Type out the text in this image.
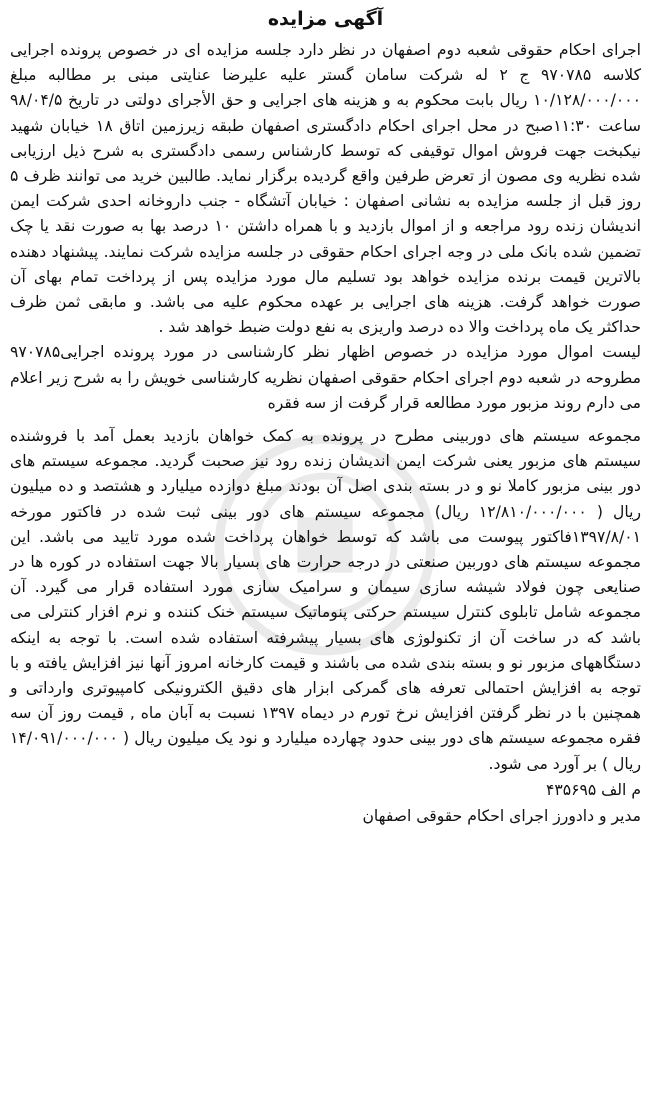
آگهی مزایده

اجرای احکام حقوقی شعبه دوم اصفهان در نظر دارد جلسه مزایده ای در خصوص پرونده اجرایی کلاسه ۹۷۰۷۸۵ ج ۲ له شرکت سامان گستر علیه علیرضا عنایتی مبنی بر مطالبه مبلغ ۱۰/۱۲۸/۰۰۰/۰۰۰ ریال بابت محکوم به و هزینه های اجرایی و حق الأجرای دولتی در تاریخ ۹۸/۰۴/۵ ساعت ۱۱:۳۰صبح در محل اجرای احکام دادگستری اصفهان طبقه زیرزمین اتاق ۱۸ خیابان شهید نیکبخت جهت فروش اموال توقیفی که توسط کارشناس رسمی دادگستری به شرح ذیل ارزیابی شده نظریه وی مصون از تعرض طرفین واقع گردیده برگزار نماید. طالبین خرید می توانند ظرف ۵ روز قبل از جلسه مزایده به نشانی اصفهان : خیابان آتشگاه - جنب داروخانه احدی شرکت ایمن اندیشان زنده رود مراجعه و از اموال بازدید و با همراه داشتن ۱۰ درصد بها به صورت نقد یا چک تضمین شده بانک ملی در وجه اجرای احکام حقوقی در جلسه مزایده شرکت نمایند. پیشنهاد دهنده بالاترین قیمت برنده مزایده خواهد بود تسلیم مال مورد مزایده پس از پرداخت تمام بهای آن صورت خواهد گرفت. هزینه های اجرایی بر عهده محکوم علیه می باشد. و مابقی ثمن ظرف حداکثر یک ماه پرداخت والا ده درصد واریزی به نفع دولت ضبط خواهد شد .

لیست اموال مورد مزایده در خصوص اظهار نظر کارشناسی در مورد پرونده اجرایی۹۷۰۷۸۵ مطروحه در شعبه دوم اجرای احکام حقوقی اصفهان نظریه کارشناسی خویش را به شرح زیر اعلام می دارم روند مزبور مورد مطالعه قرار گرفت از سه فقره

مجموعه سیستم های دوربینی مطرح در پرونده به کمک خواهان بازدید بعمل آمد با فروشنده سیستم های مزبور یعنی شرکت ایمن اندیشان زنده رود نیز صحبت گردید. مجموعه سیستم های دور بینی مزبور کاملا نو و در بسته بندی اصل آن بودند مبلغ دوازده میلیارد و هشتصد و ده میلیون ریال ( ۱۲/۸۱۰/۰۰۰/۰۰۰ ریال) مجموعه سیستم های دور بینی ثبت شده در فاکتور مورخه ۱۳۹۷/۸/۰۱فاکتور پیوست می باشد که توسط خواهان پرداخت شده مورد تایید می باشد. این مجموعه سیستم های دوربین صنعتی در درجه حرارت های بسیار بالا جهت استفاده در کوره ها در صنایعی چون فولاد شیشه سازی سیمان و سرامیک سازی مورد استفاده قرار می گیرد. آن مجموعه شامل تابلوی کنترل سیستم حرکتی پنوماتیک سیستم خنک کننده و نرم افزار کنترلی می باشد که در ساخت آن از تکنولوژی های بسیار پیشرفته استفاده شده است. با توجه به اینکه دستگاههای مزبور نو و بسته بندی شده می باشند و قیمت کارخانه امروز آنها نیز افزایش یافته و با توجه به افزایش احتمالی تعرفه های گمرکی ابزار های دقیق الکترونیکی کامپیوتری وارداتی و همچنین با در نظر گرفتن افزایش نرخ تورم در دیماه ۱۳۹۷ نسبت به آبان ماه , قیمت روز آن سه فقره مجموعه سیستم های دور بینی حدود چهارده میلیارد و نود یک میلیون ریال ( ۱۴/۰۹۱/۰۰۰/۰۰۰ ریال ) بر آورد می شود.

م الف ۴۳۵۶۹۵

مدیر و دادورز اجرای احکام حقوقی اصفهان
